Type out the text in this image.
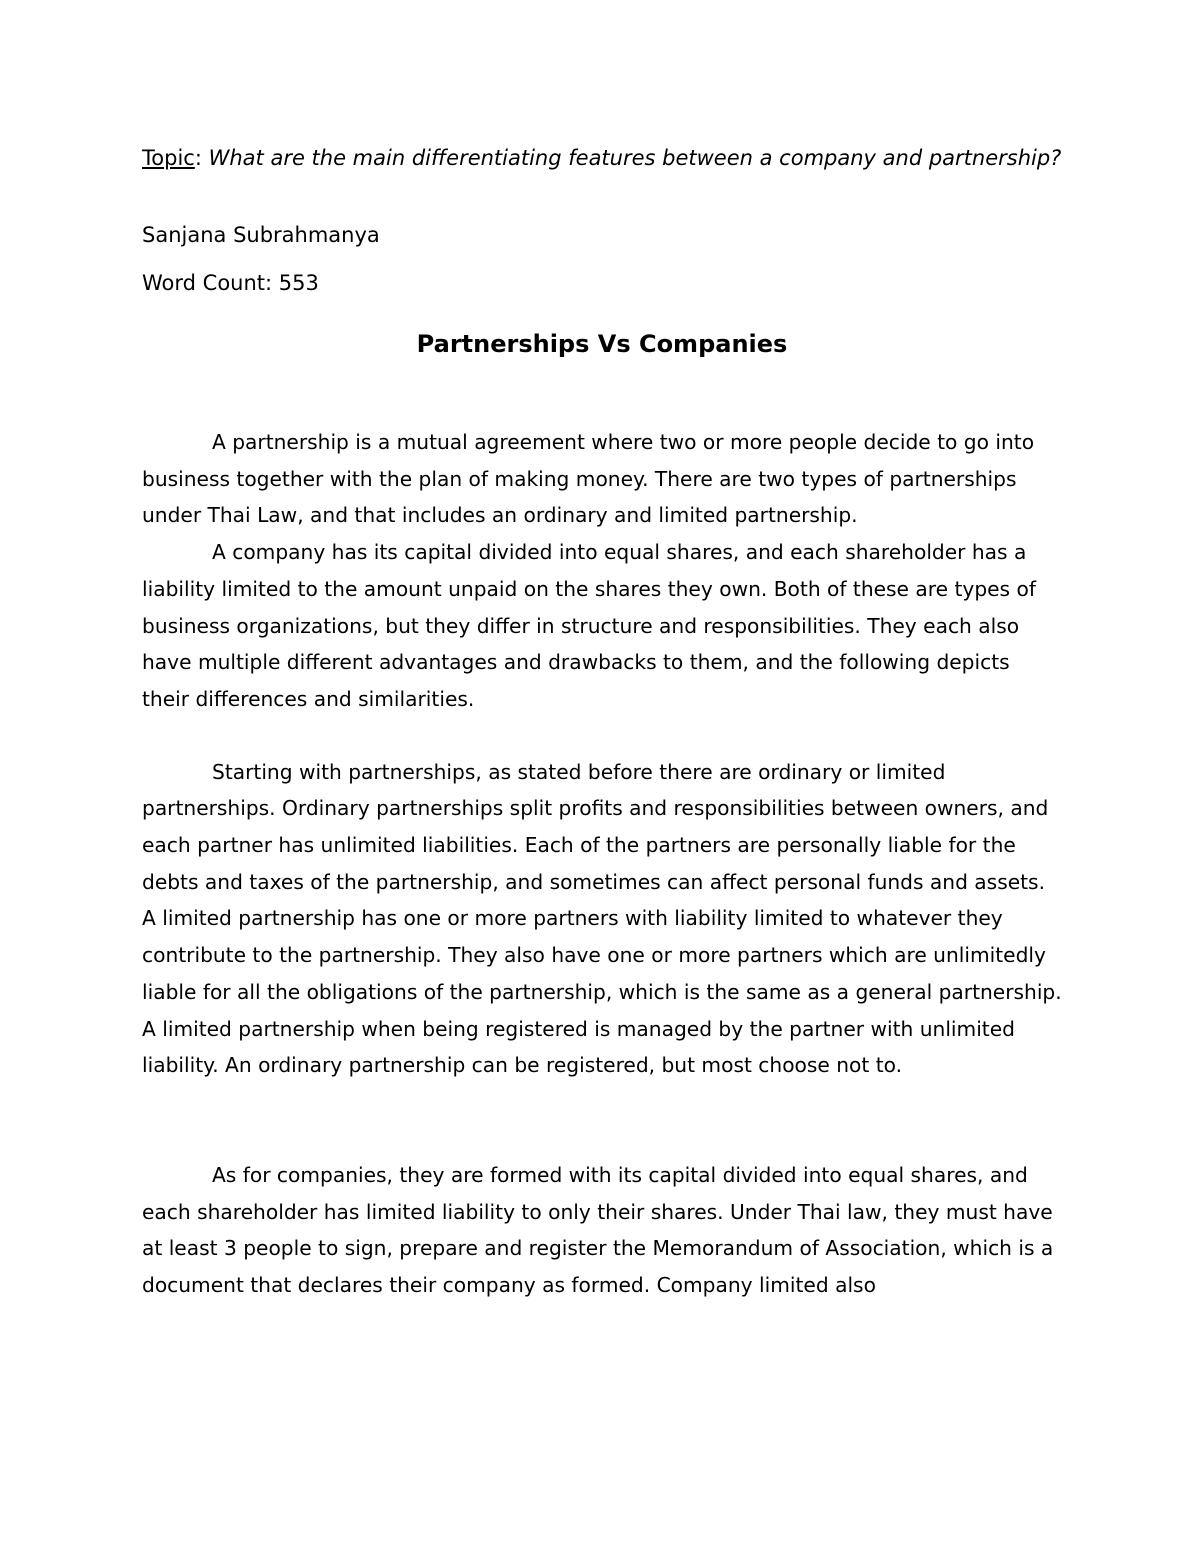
Topic: What are the main differentiating features between a company and partnership?

Sanjana Subrahmanya

Word Count: 553

Partnerships Vs Companies

A partnership is a mutual agreement where two or more people decide to go into business together with the plan of making money. There are two types of partnerships under Thai Law, and that includes an ordinary and limited partnership.

A company has its capital divided into equal shares, and each shareholder has a liability limited to the amount unpaid on the shares they own. Both of these are types of business organizations, but they differ in structure and responsibilities. They each also have multiple different advantages and drawbacks to them, and the following depicts their differences and similarities.

Starting with partnerships, as stated before there are ordinary or limited partnerships. Ordinary partnerships split profits and responsibilities between owners, and each partner has unlimited liabilities. Each of the partners are personally liable for the debts and taxes of the partnership, and sometimes can affect personal funds and assets. A limited partnership has one or more partners with liability limited to whatever they contribute to the partnership. They also have one or more partners which are unlimitedly liable for all the obligations of the partnership, which is the same as a general partnership. A limited partnership when being registered is managed by the partner with unlimited liability. An ordinary partnership can be registered, but most choose not to.

As for companies, they are formed with its capital divided into equal shares, and each shareholder has limited liability to only their shares. Under Thai law, they must have at least 3 people to sign, prepare and register the Memorandum of Association, which is a document that declares their company as formed. Company limited also
